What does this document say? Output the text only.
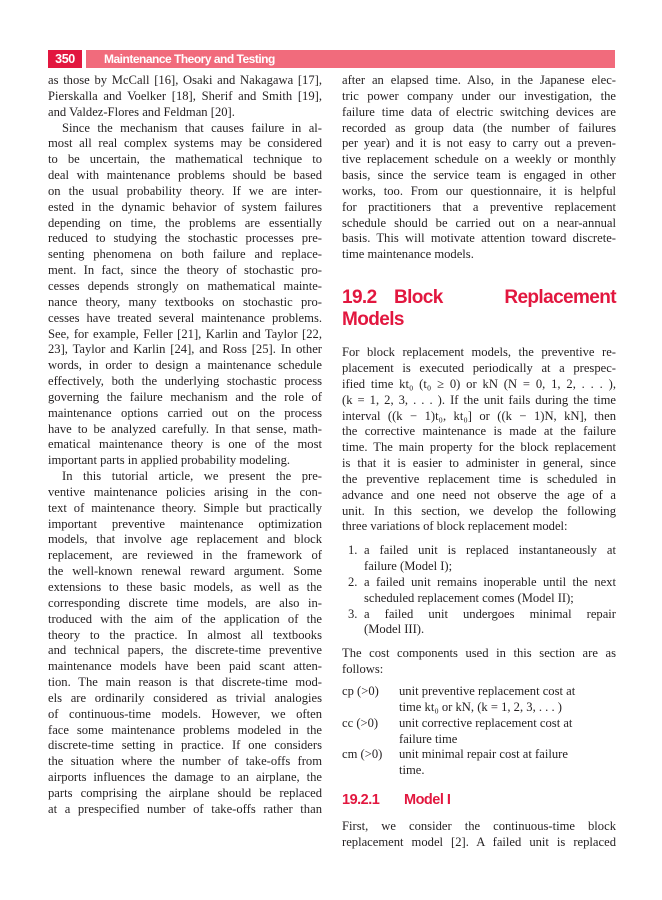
350	Maintenance Theory and Testing

as those by McCall [16], Osaki and Nakagawa [17],
Pierskalla and Voelker [18], Sherif and Smith [19],
and Valdez-Flores and Feldman [20].

Since the mechanism that causes failure in al-
most all real complex systems may be considered
to be uncertain, the mathematical technique to
deal with maintenance problems should be based
on the usual probability theory. If we are inter-
ested in the dynamic behavior of system failures
depending on time, the problems are essentially
reduced to studying the stochastic processes pre-
senting phenomena on both failure and replace-
ment. In fact, since the theory of stochastic pro-
cesses depends strongly on mathematical mainte-
nance theory, many textbooks on stochastic pro-
cesses have treated several maintenance problems.
See, for example, Feller [21], Karlin and Taylor [22,
23], Taylor and Karlin [24], and Ross [25]. In other
words, in order to design a maintenance schedule
effectively, both the underlying stochastic process
governing the failure mechanism and the role of
maintenance options carried out on the process
have to be analyzed carefully. In that sense, math-
ematical maintenance theory is one of the most
important parts in applied probability modeling.

In this tutorial article, we present the pre-
ventive maintenance policies arising in the con-
text of maintenance theory. Simple but practically
important preventive maintenance optimization
models, that involve age replacement and block
replacement, are reviewed in the framework of
the well-known renewal reward argument. Some
extensions to these basic models, as well as the
corresponding discrete time models, are also in-
troduced with the aim of the application of the
theory to the practice. In almost all textbooks
and technical papers, the discrete-time preventive
maintenance models have been paid scant atten-
tion. The main reason is that discrete-time mod-
els are ordinarily considered as trivial analogies
of continuous-time models. However, we often
face some maintenance problems modeled in the
discrete-time setting in practice. If one considers
the situation where the number of take-offs from
airports influences the damage to an airplane, the
parts comprising the airplane should be replaced
at a prespecified number of take-offs rather than

after an elapsed time. Also, in the Japanese elec-
tric power company under our investigation, the
failure time data of electric switching devices are
recorded as group data (the number of failures
per year) and it is not easy to carry out a preven-
tive replacement schedule on a weekly or monthly
basis, since the service team is engaged in other
works, too. From our questionnaire, it is helpful
for practitioners that a preventive replacement
schedule should be carried out on a near-annual
basis. This will motivate attention toward discrete-
time maintenance models.

19.2 Block Replacement Models

For block replacement models, the preventive re-
placement is executed periodically at a prespec-
ified time kt₀ (t₀ ≥ 0) or kN (N = 0, 1, 2, . . . ),
(k = 1, 2, 3, . . . ). If the unit fails during the time
interval ((k − 1)t₀, kt₀] or ((k − 1)N, kN], then
the corrective maintenance is made at the failure
time. The main property for the block replacement
is that it is easier to administer in general, since
the preventive replacement time is scheduled in
advance and one need not observe the age of a
unit. In this section, we develop the following
three variations of block replacement model:

1. a failed unit is replaced instantaneously at
failure (Model I);
2. a failed unit remains inoperable until the next
scheduled replacement comes (Model II);
3. a failed unit undergoes minimal repair
(Model III).

The cost components used in this section are as
follows:

cp (>0)	unit preventive replacement cost at
time kt₀ or kN, (k = 1, 2, 3, . . . )
cc (>0)	unit corrective replacement cost at
failure time
cm (>0)	unit minimal repair cost at failure
time.
19.2.1 Model I

First, we consider the continuous-time block
replacement model [2]. A failed unit is replaced
